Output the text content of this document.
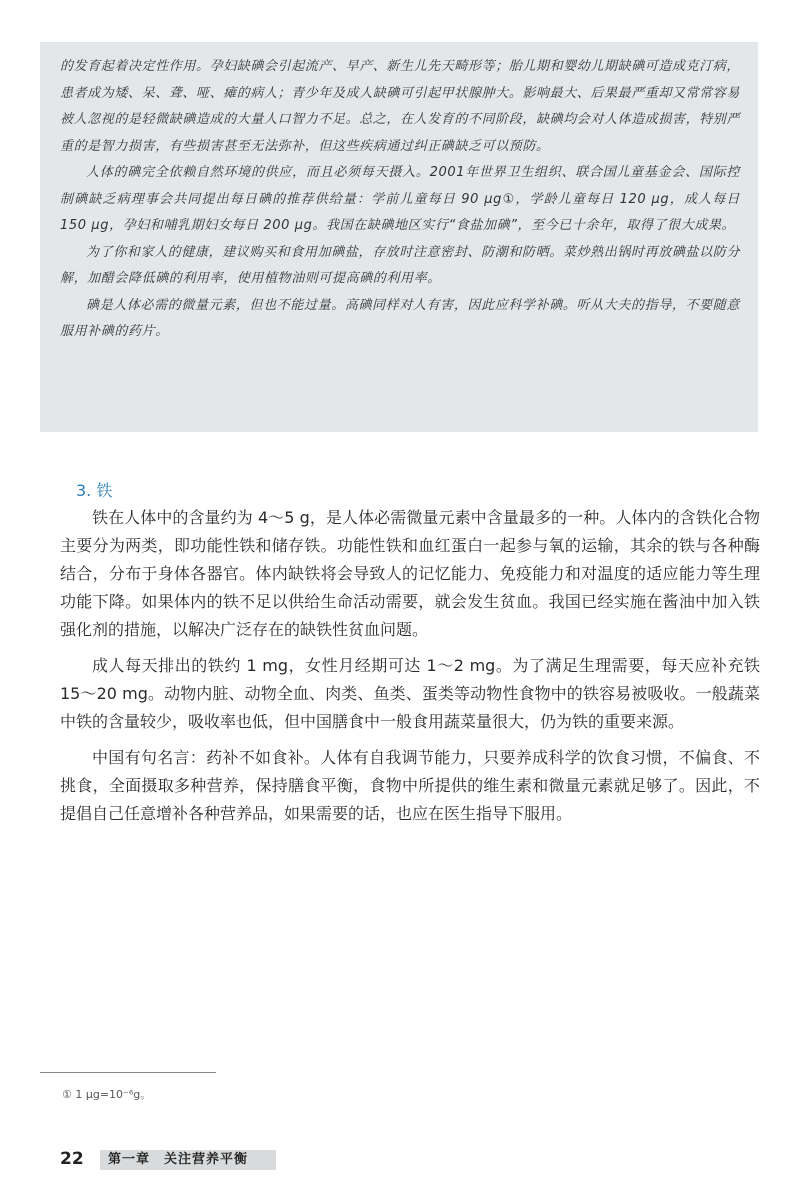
的发育起着决定性作用。孕妇缺碘会引起流产、早产、新生儿先天畸形等；胎儿期和婴幼儿期缺碘可造成克汀病，患者成为矮、呆、聋、哑、瘫的病人；青少年及成人缺碘可引起甲状腺肿大。影响最大、后果最严重却又常常容易被人忽视的是轻微缺碘造成的大量人口智力不足。总之，在人发育的不同阶段，缺碘均会对人体造成损害，特别严重的是智力损害，有些损害甚至无法弥补，但这些疾病通过纠正碘缺乏可以预防。

人体的碘完全依赖自然环境的供应，而且必须每天摄入。2001年世界卫生组织、联合国儿童基金会、国际控制碘缺乏病理事会共同提出每日碘的推荐供给量：学前儿童每日 90 μg①，学龄儿童每日 120 μg，成人每日 150 μg，孕妇和哺乳期妇女每日 200 μg。我国在缺碘地区实行“食盐加碘”，至今已十余年，取得了很大成果。

为了你和家人的健康，建议购买和食用加碘盐，存放时注意密封、防潮和防晒。菜炒熟出锅时再放碘盐以防分解，加醋会降低碘的利用率，使用植物油则可提高碘的利用率。

碘是人体必需的微量元素，但也不能过量。高碘同样对人有害，因此应科学补碘。听从大夫的指导，不要随意服用补碘的药片。

3. 铁

铁在人体中的含量约为 4～5 g，是人体必需微量元素中含量最多的一种。人体内的含铁化合物主要分为两类，即功能性铁和储存铁。功能性铁和血红蛋白一起参与氧的运输，其余的铁与各种酶结合，分布于身体各器官。体内缺铁将会导致人的记忆能力、免疫能力和对温度的适应能力等生理功能下降。如果体内的铁不足以供给生命活动需要，就会发生贫血。我国已经实施在酱油中加入铁强化剂的措施，以解决广泛存在的缺铁性贫血问题。

成人每天排出的铁约 1 mg，女性月经期可达 1～2 mg。为了满足生理需要，每天应补充铁 15～20 mg。动物内脏、动物全血、肉类、鱼类、蛋类等动物性食物中的铁容易被吸收。一般蔬菜中铁的含量较少，吸收率也低，但中国膳食中一般食用蔬菜量很大，仍为铁的重要来源。

中国有句名言：药补不如食补。人体有自我调节能力，只要养成科学的饮食习惯，不偏食、不挑食，全面摄取多种营养，保持膳食平衡，食物中所提供的维生素和微量元素就足够了。因此，不提倡自己任意增补各种营养品，如果需要的话，也应在医生指导下服用。

① 1 μg=10⁻⁶g。
22	第一章　关注营养平衡
